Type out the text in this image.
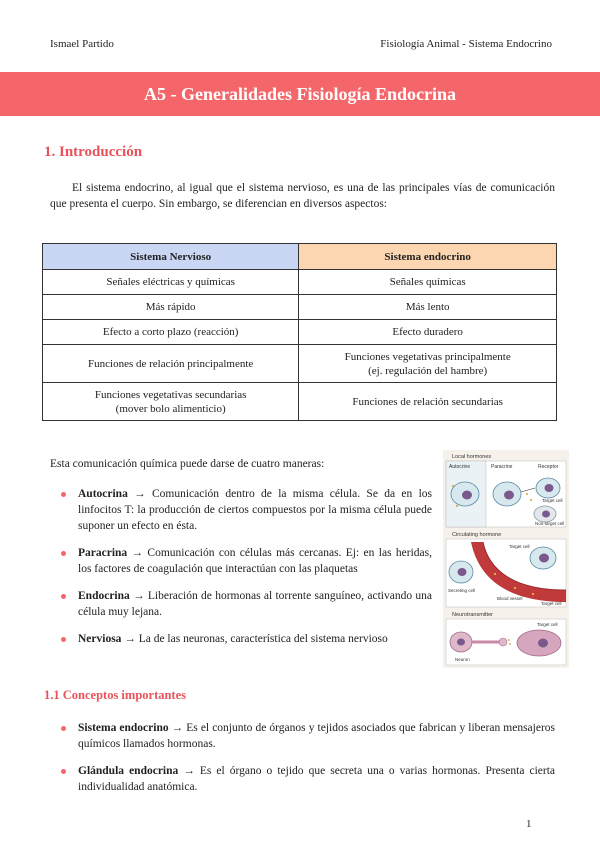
Ismael Partido	Fisiología Animal - Sistema Endocrino
A5 - Generalidades Fisiología Endocrina
1. Introducción

El sistema endocrino, al igual que el sistema nervioso, es una de las principales vías de comunicación que presenta el cuerpo. Sin embargo, se diferencian en diversos aspectos:

Sistema Nervioso	Sistema endocrino
Señales eléctricas y químicas	Señales químicas
Más rápido	Más lento
Efecto a corto plazo (reacción)	Efecto duradero
Funciones de relación principalmente	Funciones vegetativas principalmente
(ej. regulación del hambre)
Funciones vegetativas secundarias
(mover bolo alimenticio)	Funciones de relación secundarias
Esta comunicación química puede darse de cuatro maneras:
Autocrina → Comunicación dentro de la misma célula. Se da en los linfocitos T: la producción de ciertos compuestos por la misma célula puede suponer un efecto en ésta.
Paracrina → Comunicación con células más cercanas. Ej: en las heridas, los factores de coagulación que interactúan con las plaquetas
Endocrina → Liberación de hormonas al torrente sanguíneo, activando una célula muy lejana.
Nerviosa → La de las neuronas, característica del sistema nervioso
Local hormones
Autocrine	Paracrine	Receptor
Target cell
Non-target cell
Circulating hormone
Target cell
Secreting cell
Blood vessel
Target cell
Neurotransmitter
Target cell
Neuron
1.1 Conceptos importantes
Sistema endocrino → Es el conjunto de órganos y tejidos asociados que fabrican y liberan mensajeros químicos llamados hormonas.
Glándula endocrina → Es el órgano o tejido que secreta una o varias hormonas. Presenta cierta individualidad anatómica.
1
